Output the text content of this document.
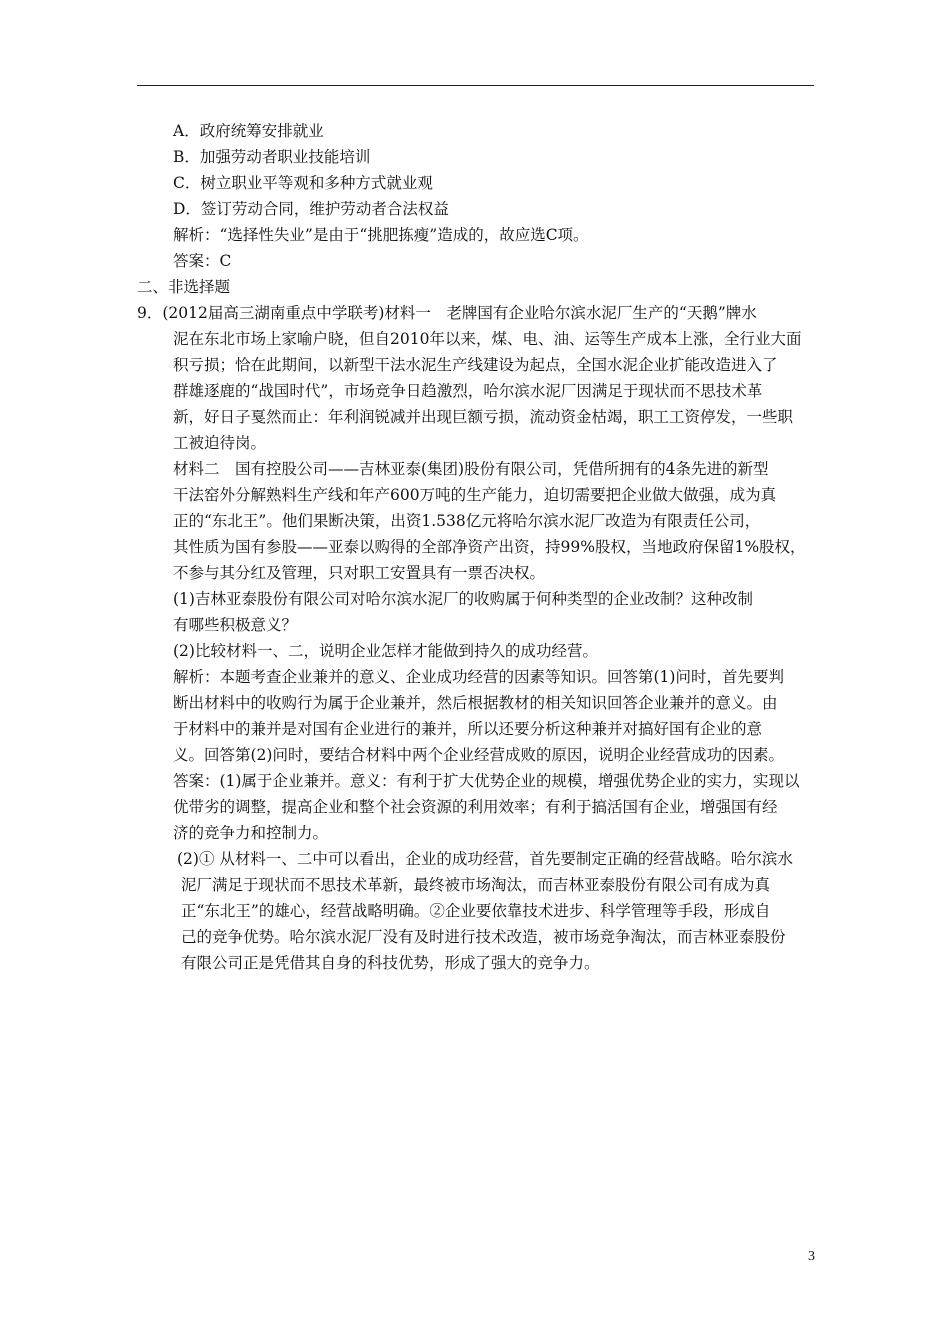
A．政府统筹安排就业
B．加强劳动者职业技能培训
C．树立职业平等观和多种方式就业观
D．签订劳动合同，维护劳动者合法权益
解析：“选择性失业”是由于“挑肥拣瘦”造成的，故应选C项。
答案：C
二、非选择题
9．(2012届高三湖南重点中学联考)材料一　老牌国有企业哈尔滨水泥厂生产的“天鹅”牌水
泥在东北市场上家喻户晓，但自2010年以来，煤、电、油、运等生产成本上涨，全行业大面
积亏损；恰在此期间，以新型干法水泥生产线建设为起点，全国水泥企业扩能改造进入了
群雄逐鹿的“战国时代”，市场竞争日趋激烈，哈尔滨水泥厂因满足于现状而不思技术革
新，好日子戛然而止：年利润锐减并出现巨额亏损，流动资金枯竭，职工工资停发，一些职
工被迫待岗。
材料二　国有控股公司——吉林亚泰(集团)股份有限公司，凭借所拥有的4条先进的新型
干法窑外分解熟料生产线和年产600万吨的生产能力，迫切需要把企业做大做强，成为真
正的“东北王”。他们果断决策，出资1.538亿元将哈尔滨水泥厂改造为有限责任公司，
其性质为国有参股——亚泰以购得的全部净资产出资，持99%股权，当地政府保留1%股权，
不参与其分红及管理，只对职工安置具有一票否决权。
(1)吉林亚泰股份有限公司对哈尔滨水泥厂的收购属于何种类型的企业改制？这种改制
有哪些积极意义？
(2)比较材料一、二，说明企业怎样才能做到持久的成功经营。
解析：本题考查企业兼并的意义、企业成功经营的因素等知识。回答第(1)问时，首先要判
断出材料中的收购行为属于企业兼并，然后根据教材的相关知识回答企业兼并的意义。由
于材料中的兼并是对国有企业进行的兼并，所以还要分析这种兼并对搞好国有企业的意
义。回答第(2)问时，要结合材料中两个企业经营成败的原因，说明企业经营成功的因素。
答案：(1)属于企业兼并。意义：有利于扩大优势企业的规模，增强优势企业的实力，实现以
优带劣的调整，提高企业和整个社会资源的利用效率；有利于搞活国有企业，增强国有经
济的竞争力和控制力。
(2)① 从材料一、二中可以看出，企业的成功经营，首先要制定正确的经营战略。哈尔滨水
泥厂满足于现状而不思技术革新，最终被市场淘汰，而吉林亚泰股份有限公司有成为真
正“东北王”的雄心，经营战略明确。②企业要依靠技术进步、科学管理等手段，形成自
己的竞争优势。哈尔滨水泥厂没有及时进行技术改造，被市场竞争淘汰，而吉林亚泰股份
有限公司正是凭借其自身的科技优势，形成了强大的竞争力。
3
